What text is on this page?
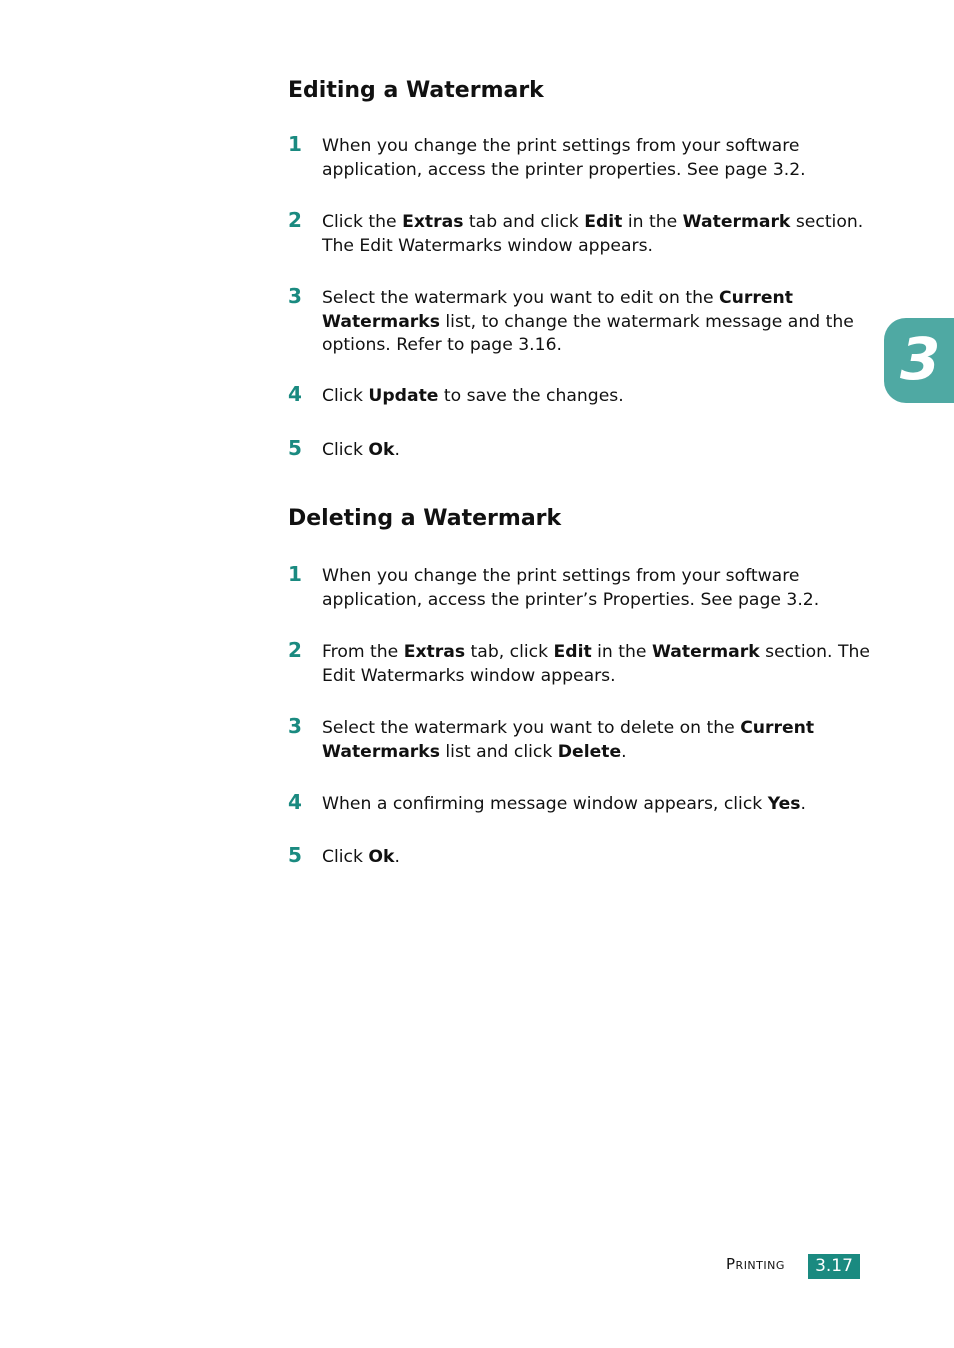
3
Editing a Watermark
1 When you change the print settings from your software application, access the printer properties. See page 3.2.
2 Click the Extras tab and click Edit in the Watermark section. The Edit Watermarks window appears.
3 Select the watermark you want to edit on the Current Watermarks list, to change the watermark message and the options. Refer to page 3.16.
4 Click Update to save the changes.
5 Click Ok.
Deleting a Watermark
1 When you change the print settings from your software application, access the printer’s Properties. See page 3.2.
2 From the Extras tab, click Edit in the Watermark section. The Edit Watermarks window appears.
3 Select the watermark you want to delete on the Current Watermarks list and click Delete.
4 When a confirming message window appears, click Yes.
5 Click Ok.
Printing	3.17
